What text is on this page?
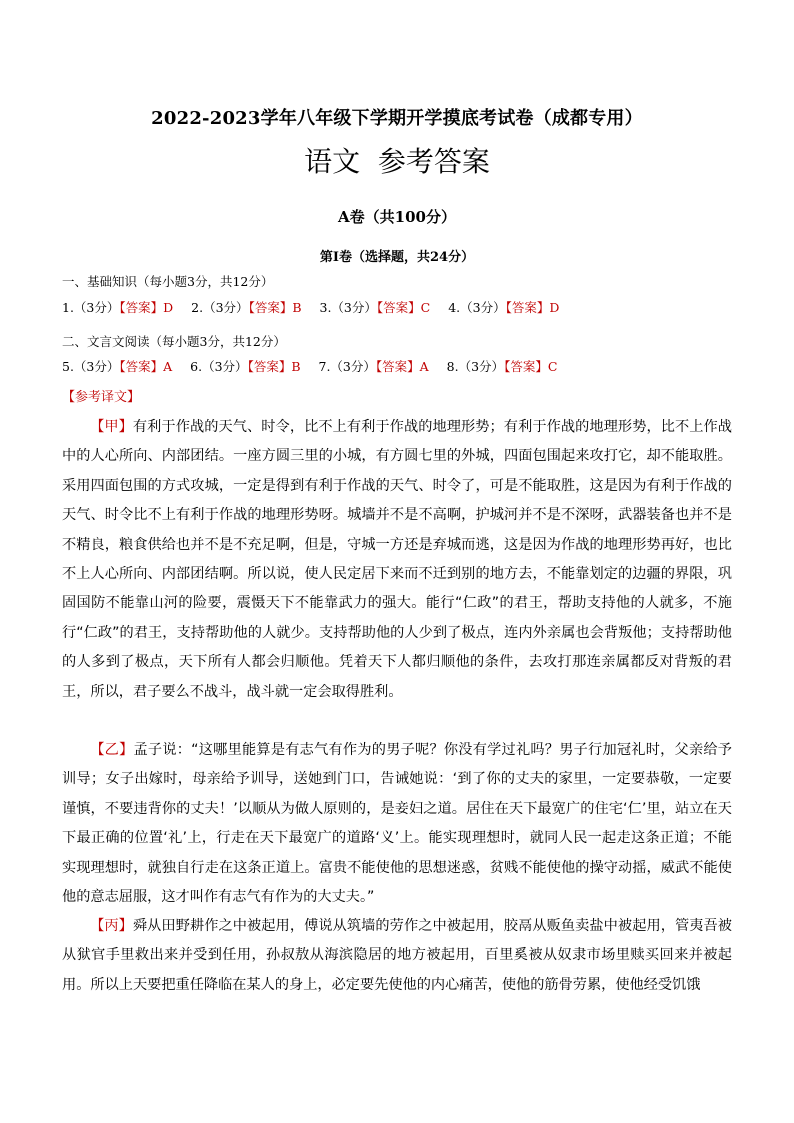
2022-2023学年八年级下学期开学摸底考试卷（成都专用）
语文  参考答案
A卷（共100分）
第Ⅰ卷（选择题，共24分）
一、基础知识（每小题3分，共12分）
1.（3分）【答案】D 2.（3分）【答案】B 3.（3分）【答案】C 4.（3分）【答案】D
二、文言文阅读（每小题3分，共12分）
5.（3分）【答案】A 6.（3分）【答案】B 7.（3分）【答案】A 8.（3分）【答案】C
【参考译文】
【甲】有利于作战的天气、时令，比不上有利于作战的地理形势；有利于作战的地理形势，比不上作战中的人心所向、内部团结。一座方圆三里的小城，有方圆七里的外城，四面包围起来攻打它，却不能取胜。采用四面包围的方式攻城，一定是得到有利于作战的天气、时令了，可是不能取胜，这是因为有利于作战的天气、时令比不上有利于作战的地理形势呀。城墙并不是不高啊，护城河并不是不深呀，武器装备也并不是不精良，粮食供给也并不是不充足啊，但是，守城一方还是弃城而逃，这是因为作战的地理形势再好，也比不上人心所向、内部团结啊。所以说，使人民定居下来而不迁到别的地方去，不能靠划定的边疆的界限，巩固国防不能靠山河的险要，震慑天下不能靠武力的强大。能行“仁政”的君王，帮助支持他的人就多，不施行“仁政”的君王，支持帮助他的人就少。支持帮助他的人少到了极点，连内外亲属也会背叛他；支持帮助他的人多到了极点，天下所有人都会归顺他。凭着天下人都归顺他的条件，去攻打那连亲属都反对背叛的君王，所以，君子要么不战斗，战斗就一定会取得胜利。
【乙】孟子说：“这哪里能算是有志气有作为的男子呢？你没有学过礼吗？男子行加冠礼时，父亲给予训导；女子出嫁时，母亲给予训导，送她到门口，告诫她说：‘到了你的丈夫的家里，一定要恭敬，一定要谨慎，不要违背你的丈夫！’以顺从为做人原则的，是妾妇之道。居住在天下最宽广的住宅‘仁’里，站立在天下最正确的位置‘礼’上，行走在天下最宽广的道路‘义’上。能实现理想时，就同人民一起走这条正道；不能实现理想时，就独自行走在这条正道上。富贵不能使他的思想迷惑，贫贱不能使他的操守动摇，威武不能使他的意志屈服，这才叫作有志气有作为的大丈夫。”
【丙】舜从田野耕作之中被起用，傅说从筑墙的劳作之中被起用，胶鬲从贩鱼卖盐中被起用，管夷吾被从狱官手里救出来并受到任用，孙叔敖从海滨隐居的地方被起用，百里奚被从奴隶市场里赎买回来并被起用。所以上天要把重任降临在某人的身上，必定要先使他的内心痛苦，使他的筋骨劳累，使他经受饥饿
